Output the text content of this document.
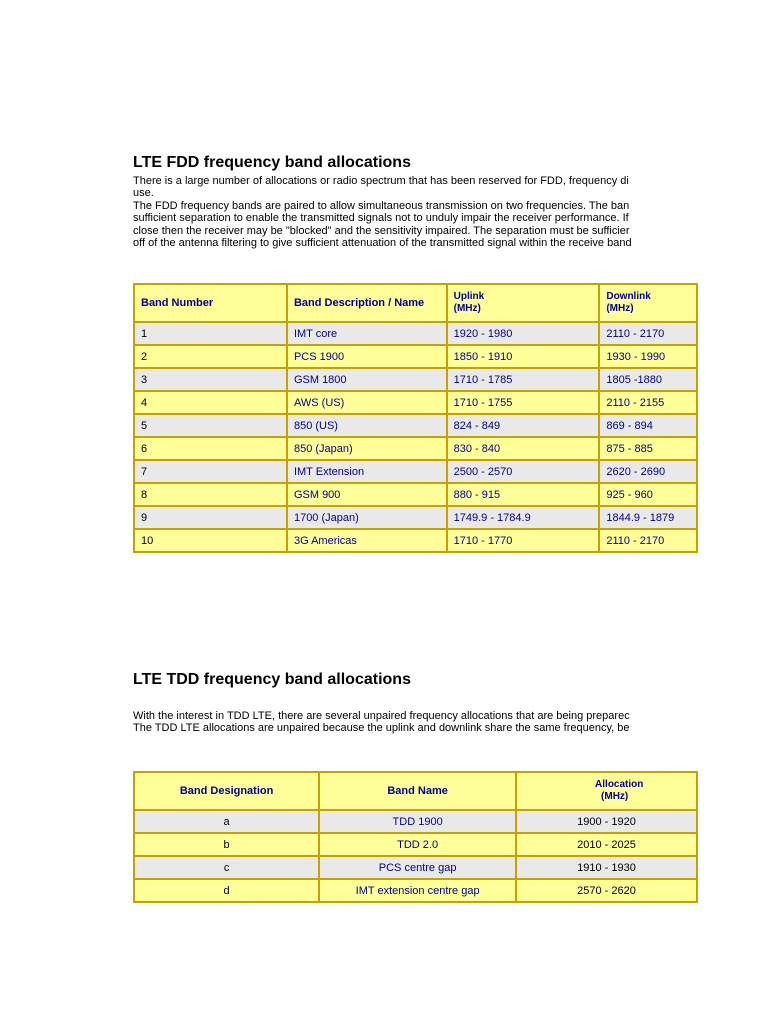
LTE FDD frequency band allocations
There is a large number of allocations or radio spectrum that has been reserved for FDD, frequency di
use.
The FDD frequency bands are paired to allow simultaneous transmission on two frequencies. The ban
sufficient separation to enable the transmitted signals not to unduly impair the receiver performance. If
close then the receiver may be "blocked" and the sensitivity impaired. The separation must be sufficier
off of the antenna filtering to give sufficient attenuation of the transmitted signal within the receive band
Band Number	Band Description / Name	Uplink
(MHz)	Downlink
(MHz)

1	IMT core	1920 - 1980	2110 - 2170
2	PCS 1900	1850 - 1910	1930 - 1990
3	GSM 1800	1710 - 1785	1805 -1880
4	AWS (US)	1710 - 1755	2110 - 2155
5	850 (US)	824 - 849	869 - 894
6	850 (Japan)	830 - 840	875 - 885
7	IMT Extension	2500 - 2570	2620 - 2690
8	GSM 900	880 - 915	925 - 960
9	1700 (Japan)	1749.9 - 1784.9	1844.9 - 1879
10	3G Americas	1710 - 1770	2110 - 2170
LTE TDD frequency band allocations
With the interest in TDD LTE, there are several unpaired frequency allocations that are being preparec
The TDD LTE allocations are unpaired because the uplink and downlink share the same frequency, be
Band Designation	Band Name	Allocation
(MHz)

a	TDD 1900	1900 - 1920
b	TDD 2.0	2010 - 2025
c	PCS centre gap	1910 - 1930
d	IMT extension centre gap	2570 - 2620
